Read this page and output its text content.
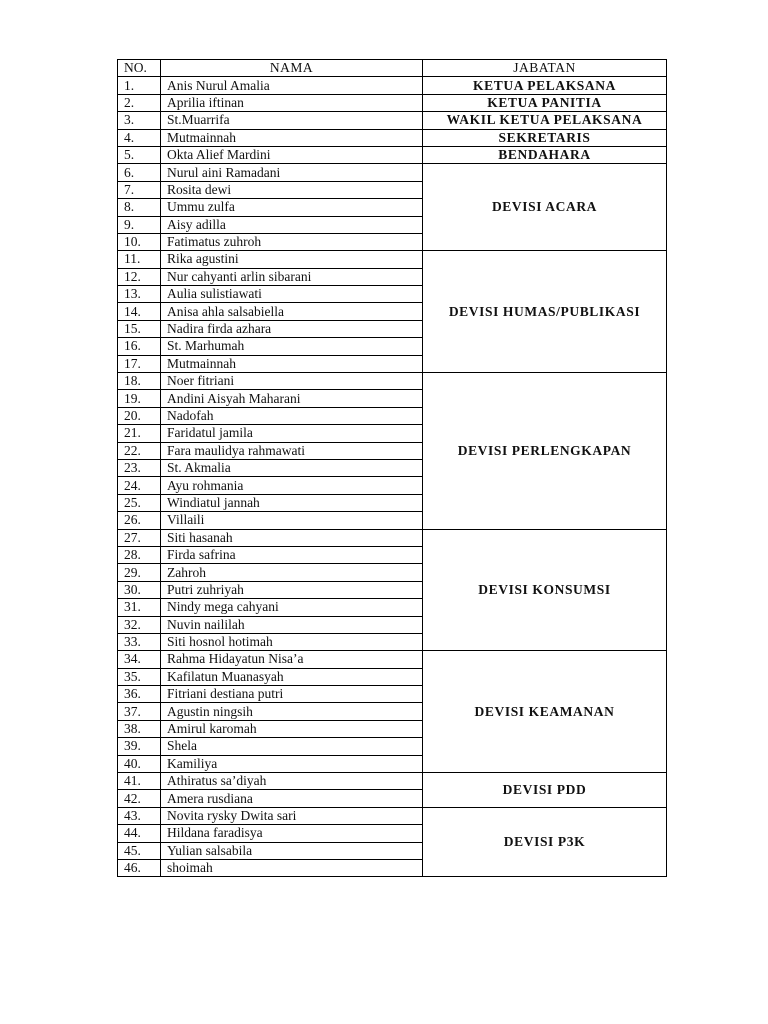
NO.	NAMA	JABATAN
1.	Anis Nurul Amalia	KETUA PELAKSANA
2.	Aprilia iftinan	KETUA PANITIA
3.	St.Muarrifa	WAKIL KETUA PELAKSANA
4.	Mutmainnah	SEKRETARIS
5.	Okta Alief Mardini	BENDAHARA
6.	Nurul aini Ramadani	DEVISI ACARA
7.	Rosita dewi	
8.	Ummu zulfa	
9.	Aisy adilla	
10.	Fatimatus zuhroh	
11.	Rika agustini	DEVISI HUMAS/PUBLIKASI
12.	Nur cahyanti arlin sibarani	
13.	Aulia sulistiawati	
14.	Anisa ahla salsabiella	
15.	Nadira firda azhara	
16.	St. Marhumah	
17.	Mutmainnah	
18.	Noer fitriani	DEVISI PERLENGKAPAN
19.	Andini Aisyah Maharani	
20.	Nadofah	
21.	Faridatul jamila	
22.	Fara maulidya rahmawati	
23.	St. Akmalia	
24.	Ayu rohmania	
25.	Windiatul jannah	
26.	Villaili	
27.	Siti hasanah	DEVISI KONSUMSI
28.	Firda safrina	
29.	Zahroh	
30.	Putri zuhriyah	
31.	Nindy mega cahyani	
32.	Nuvin naililah	
33.	Siti hosnol hotimah	
34.	Rahma Hidayatun Nisa’a	DEVISI KEAMANAN
35.	Kafilatun Muanasyah	
36.	Fitriani destiana putri	
37.	Agustin ningsih	
38.	Amirul karomah	
39.	Shela	
40.	Kamiliya	
41.	Athiratus sa’diyah	DEVISI PDD
42.	Amera rusdiana	
43.	Novita rysky Dwita sari	DEVISI P3K
44.	Hildana faradisya	
45.	Yulian salsabila	
46.	shoimah	
